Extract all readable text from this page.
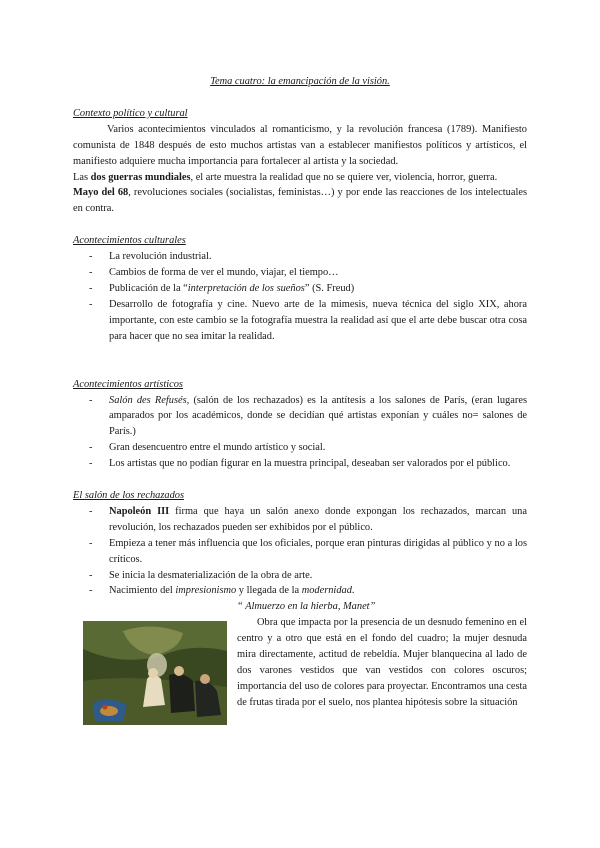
Tema cuatro: la emancipación de la visión.

Contexto político y cultural

Varios acontecimientos vinculados al romanticismo, y la revolución francesa (1789). Manifiesto comunista de 1848 después de esto muchos artistas van a establecer manifiestos políticos y artísticos, el manifiesto adquiere mucha importancia para fortalecer al artista y la sociedad.

Las dos guerras mundiales, el arte muestra la realidad que no se quiere ver, violencia, horror, guerra.

Mayo del 68, revoluciones sociales (socialistas, feministas…) y por ende las reacciones de los intelectuales en contra.

Acontecimientos culturales

- La revolución industrial.
- Cambios de forma de ver el mundo, viajar, el tiempo…
- Publicación de la “interpretación de los sueños” (S. Freud)
- Desarrollo de fotografía y cine. Nuevo arte de la mimesis, nueva técnica del siglo XIX, ahora importante, con este cambio se la fotografía muestra la realidad así que el arte debe buscar otra cosa para hacer que no sea imitar la realidad.

Acontecimientos artísticos

- Salón des Refusés, (salón de los rechazados) es la antítesis a los salones de París, (eran lugares amparados por los académicos, donde se decidían qué artistas exponían y cuáles no= salones de París.)
- Gran desencuentro entre el mundo artístico y social.
- Los artistas que no podían figurar en la muestra principal, deseaban ser valorados por el público.

El salón de los rechazados

- Napoleón III firma que haya un salón anexo donde expongan los rechazados, marcan una revolución, los rechazados pueden ser exhibidos por el público.
- Empieza a tener más influencia que los oficiales, porque eran pinturas dirigidas al público y no a los críticos.
- Se inicia la desmaterialización de la obra de arte.
- Nacimiento del impresionismo y llegada de la modernidad.

“ Almuerzo en la hierba, Manet”

Obra que impacta por la presencia de un desnudo femenino en el centro y a otro que está en el fondo del cuadro; la mujer desnuda mira directamente, actitud de rebeldía. Mujer blanquecina al lado de dos varones vestidos que van vestidos con colores oscuros; importancia del uso de colores para proyectar. Encontramos una cesta de frutas tirada por el suelo, nos plantea hipótesis sobre la situación
